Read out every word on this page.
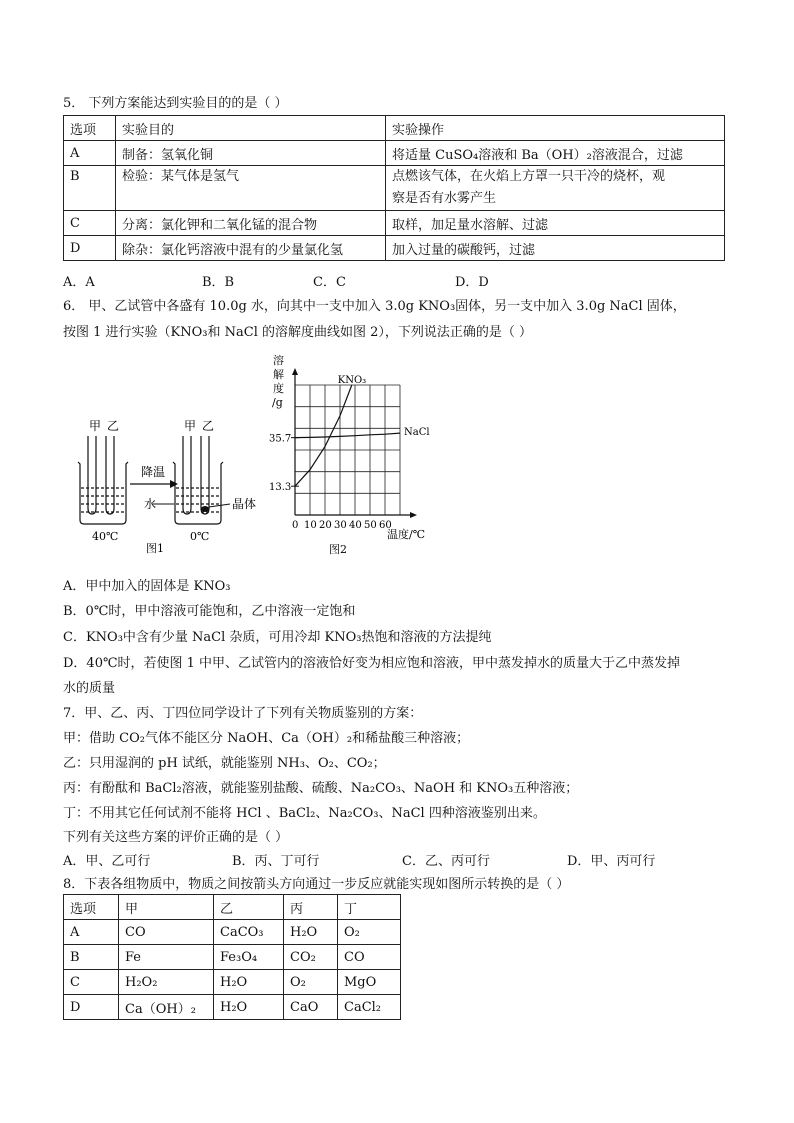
5． 下列方案能达到实验目的的是（ ）
选项	实验目的	实验操作
A	制备：氢氧化铜	将适量 CuSO₄溶液和 Ba（OH）₂溶液混合，过滤
B	检验：某气体是氢气	点燃该气体，在火焰上方罩一只干冷的烧杯，观
察是否有水雾产生

C	分离：氯化钾和二氧化锰的混合物	取样，加足量水溶解、过滤
D	除杂：氯化钙溶液中混有的少量氯化氢	加入过量的碳酸钙，过滤
A．A	B．B	C．C	D．D
6． 甲、乙试管中各盛有 10.0g 水，向其中一支中加入 3.0g KNO₃固体，另一支中加入 3.0g NaCl 固体，
按图 1 进行实验（KNO₃和 NaCl 的溶解度曲线如图 2），下列说法正确的是（ ）
甲 乙	甲 乙
降温
水	晶体
40℃	0℃
图1
溶
解
度
/g
0 10 20 30 40 50 60
13.3
35.7
KNO₃
NaCl
温度/℃
图2
A．甲中加入的固体是 KNO₃
B．0℃时，甲中溶液可能饱和，乙中溶液一定饱和
C．KNO₃中含有少量 NaCl 杂质，可用冷却 KNO₃热饱和溶液的方法提纯
D．40℃时，若使图 1 中甲、乙试管内的溶液恰好变为相应饱和溶液，甲中蒸发掉水的质量大于乙中蒸发掉
水的质量
7．甲、乙、丙、丁四位同学设计了下列有关物质鉴别的方案：
甲：借助 CO₂气体不能区分 NaOH、Ca（OH）₂和稀盐酸三种溶液；
乙：只用湿润的 pH 试纸，就能鉴别 NH₃、O₂、CO₂；
丙：有酚酞和 BaCl₂溶液，就能鉴别盐酸、硫酸、Na₂CO₃、NaOH 和 KNO₃五种溶液；
丁：不用其它任何试剂不能将 HCl 、BaCl₂、Na₂CO₃、NaCl 四种溶液鉴别出来。
下列有关这些方案的评价正确的是（ ）
A．甲、乙可行	B．丙、丁可行	C．乙、丙可行	D．甲、丙可行
8．下表各组物质中，物质之间按箭头方向通过一步反应就能实现如图所示转换的是（ ）
选项	甲	乙	丙	丁
A	CO	CaCO₃	H₂O	O₂
B	Fe	Fe₃O₄	CO₂	CO
C	H₂O₂	H₂O	O₂	MgO
D	Ca（OH）₂	H₂O	CaO	CaCl₂
